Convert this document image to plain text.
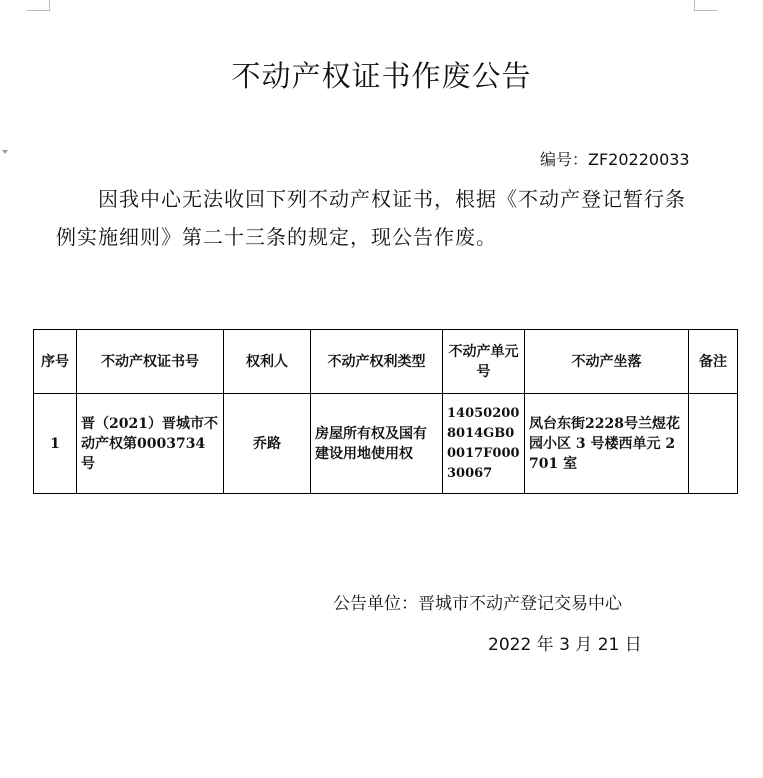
不动产权证书作废公告
编号：ZF20220033
因我中心无法收回下列不动产权证书，根据《不动产登记暂行条例实施细则》第二十三条的规定，现公告作废。
序号	不动产权证书号	权利人	不动产权利类型	不动产单元号	不动产坐落	备注
1	晋（2021）晋城市不动产权第0003734号	乔路	房屋所有权及国有建设用地使用权	140502008014GB00017F00030067	凤台东街2228号兰煜花园小区 3 号楼西单元 2701 室	
公告单位：晋城市不动产登记交易中心
2022 年 3 月 21 日
